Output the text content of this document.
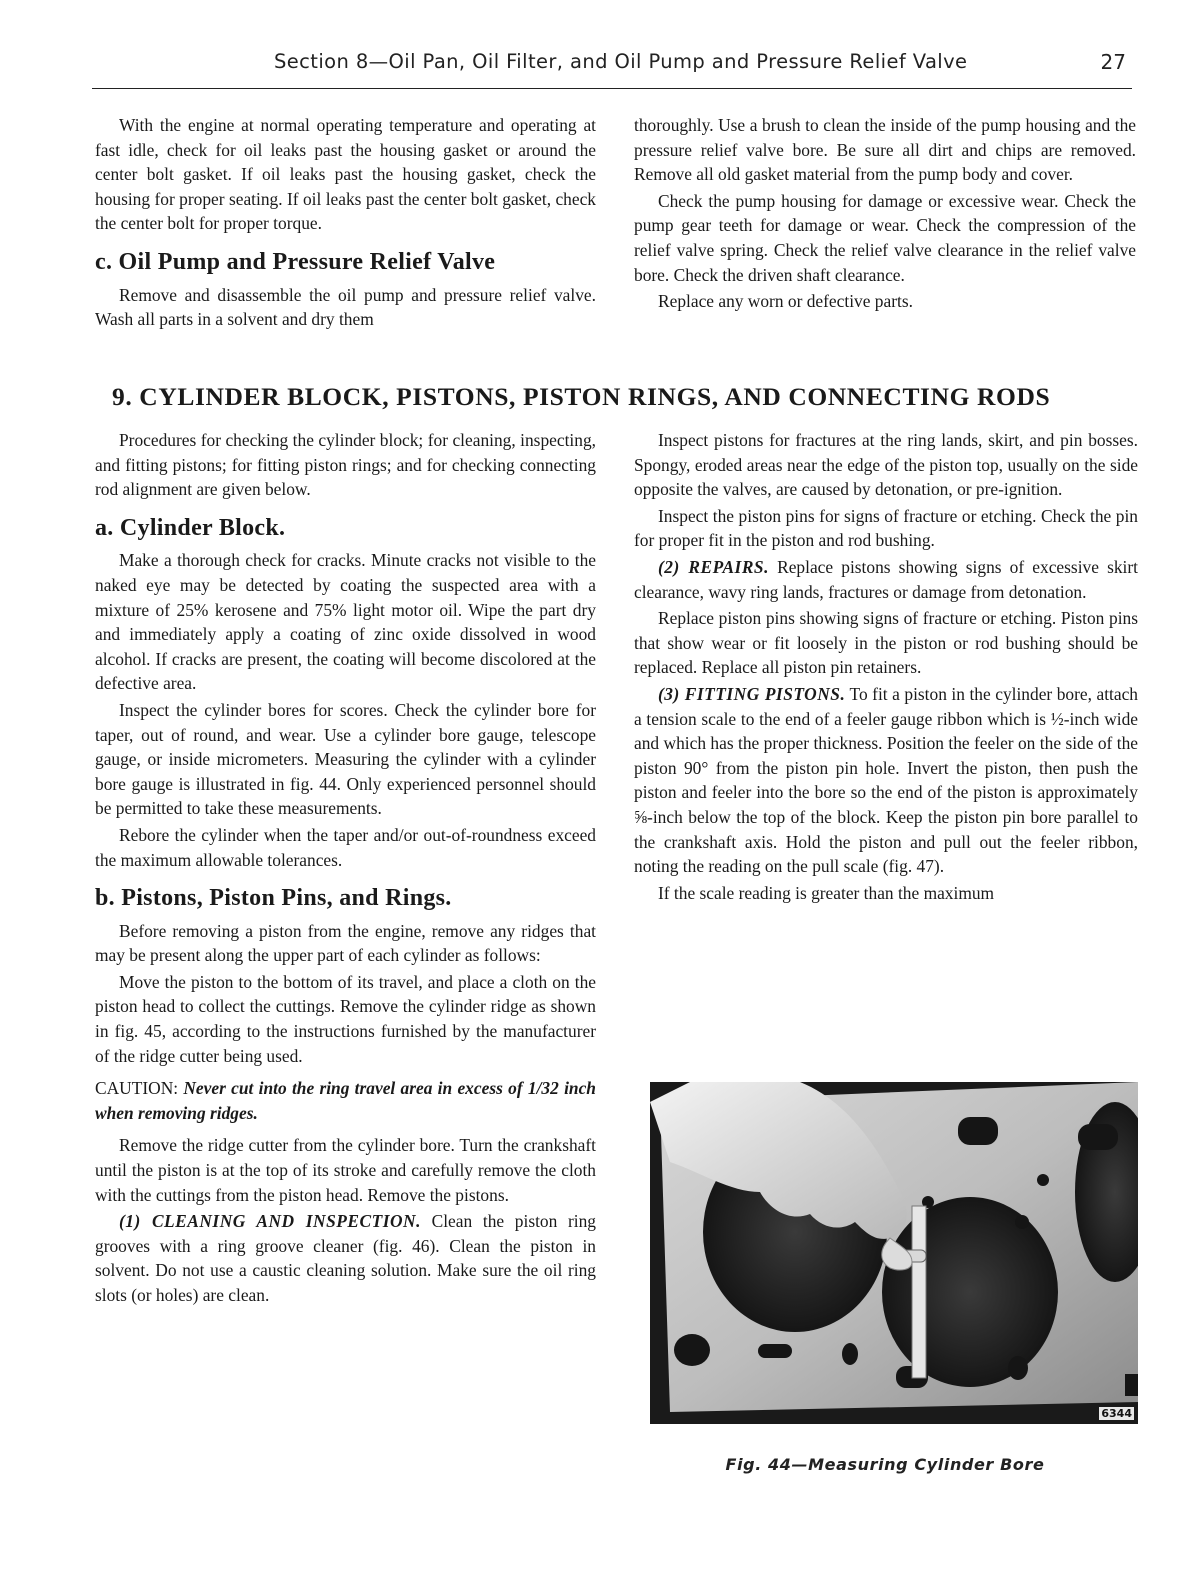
Section 8—Oil Pan, Oil Filter, and Oil Pump and Pressure Relief Valve	27

With the engine at normal operating temperature and operating at fast idle, check for oil leaks past the housing gasket or around the center bolt gasket. If oil leaks past the housing gasket, check the housing for proper seating. If oil leaks past the center bolt gasket, check the center bolt for proper torque.

c. Oil Pump and Pressure Relief Valve

Remove and disassemble the oil pump and pressure relief valve. Wash all parts in a solvent and dry them

thoroughly. Use a brush to clean the inside of the pump housing and the pressure relief valve bore. Be sure all dirt and chips are removed. Remove all old gasket material from the pump body and cover.

Check the pump housing for damage or excessive wear. Check the pump gear teeth for damage or wear. Check the compression of the relief valve spring. Check the relief valve clearance in the relief valve bore. Check the driven shaft clearance.

Replace any worn or defective parts.

9. CYLINDER BLOCK, PISTONS, PISTON RINGS, AND CONNECTING RODS

Procedures for checking the cylinder block; for cleaning, inspecting, and fitting pistons; for fitting piston rings; and for checking connecting rod alignment are given below.

a. Cylinder Block.

Make a thorough check for cracks. Minute cracks not visible to the naked eye may be detected by coating the suspected area with a mixture of 25% kerosene and 75% light motor oil. Wipe the part dry and immediately apply a coating of zinc oxide dissolved in wood alcohol. If cracks are present, the coating will become discolored at the defective area.

Inspect the cylinder bores for scores. Check the cylinder bore for taper, out of round, and wear. Use a cylinder bore gauge, telescope gauge, or inside micrometers. Measuring the cylinder with a cylinder bore gauge is illustrated in fig. 44. Only experienced personnel should be permitted to take these measurements.

Rebore the cylinder when the taper and/or out-of-roundness exceed the maximum allowable tolerances.

b. Pistons, Piston Pins, and Rings.

Before removing a piston from the engine, remove any ridges that may be present along the upper part of each cylinder as follows:

Move the piston to the bottom of its travel, and place a cloth on the piston head to collect the cuttings. Remove the cylinder ridge as shown in fig. 45, according to the instructions furnished by the manufacturer of the ridge cutter being used.

CAUTION: Never cut into the ring travel area in excess of 1/32 inch when removing ridges.

Remove the ridge cutter from the cylinder bore. Turn the crankshaft until the piston is at the top of its stroke and carefully remove the cloth with the cuttings from the piston head. Remove the pistons.

(1) CLEANING AND INSPECTION. Clean the piston ring grooves with a ring groove cleaner (fig. 46). Clean the piston in solvent. Do not use a caustic cleaning solution. Make sure the oil ring slots (or holes) are clean.

Inspect pistons for fractures at the ring lands, skirt, and pin bosses. Spongy, eroded areas near the edge of the piston top, usually on the side opposite the valves, are caused by detonation, or pre-ignition.

Inspect the piston pins for signs of fracture or etching. Check the pin for proper fit in the piston and rod bushing.

(2) REPAIRS. Replace pistons showing signs of excessive skirt clearance, wavy ring lands, fractures or damage from detonation.

Replace piston pins showing signs of fracture or etching. Piston pins that show wear or fit loosely in the piston or rod bushing should be replaced. Replace all piston pin retainers.

(3) FITTING PISTONS. To fit a piston in the cylinder bore, attach a tension scale to the end of a feeler gauge ribbon which is ½-inch wide and which has the proper thickness. Position the feeler on the side of the piston 90° from the piston pin hole. Invert the piston, then push the piston and feeler into the bore so the end of the piston is approximately ⅝-inch below the top of the block. Keep the piston pin bore parallel to the crankshaft axis. Hold the piston and pull out the feeler ribbon, noting the reading on the pull scale (fig. 47).

If the scale reading is greater than the maximum

6344
Fig. 44—Measuring Cylinder Bore
